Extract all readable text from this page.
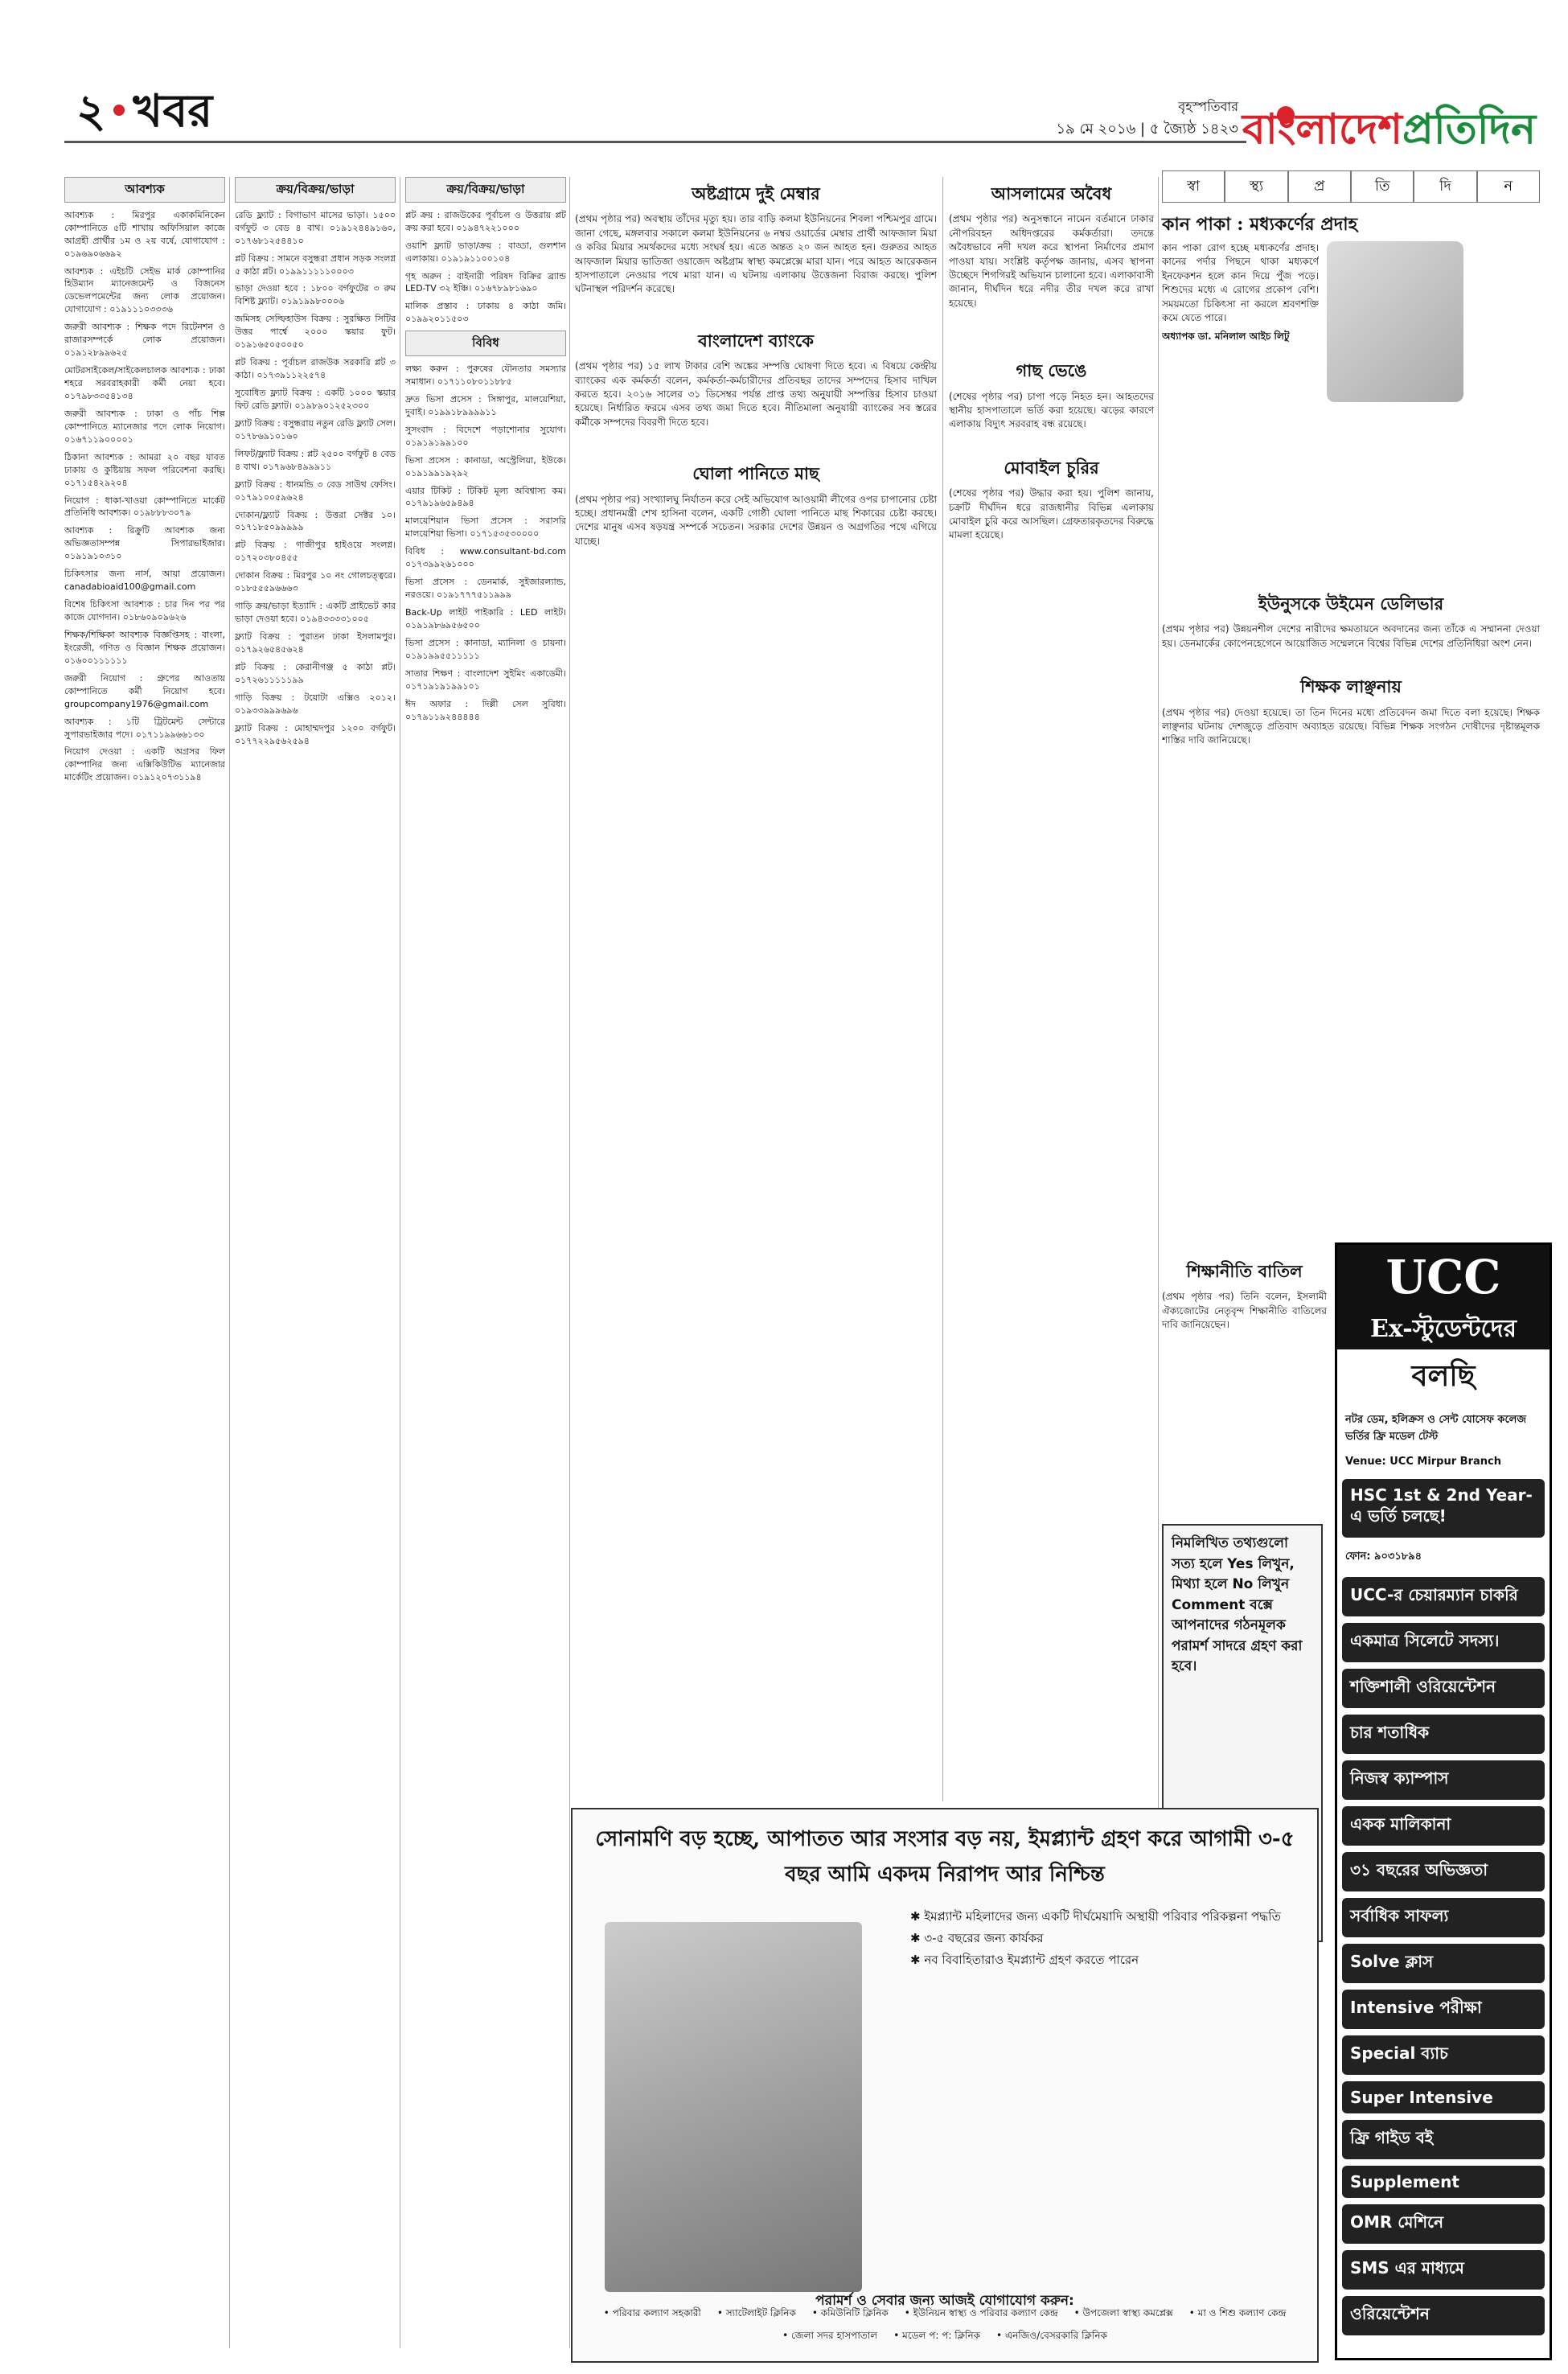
২ খবর	বৃহস্পতিবার
১৯ মে ২০১৬ | ৫ জ্যৈষ্ঠ ১৪২৩ বাংলাদেশপ্রতিদিন
আবশ্যক

আবশ্যক : মিরপুর একাকমিনিকেন কোম্পানিতে ৫টি শাখায় অফিসিয়াল কাজে আগ্রহী প্রার্থীর ১ম ও ২য় বর্ষে, যোগাযোগ : ০১৯৬৯০৬৬৯২

আবশ্যক : এইচটি সেইভ মার্ক কোম্পানির হিউম্যান ম্যানেজমেন্ট ও বিজনেস ডেভেলপমেন্টের জন্য লোক প্রয়োজন। যোগাযোগ : ০১৯১১১০৩৩৩৬

জরুরী আবশ্যক : শিক্ষক পদে রিটেনশন ও রাজারসম্পর্কে লোক প্রয়োজন। ০১৯১২৮৯৯৬২৫

মোটরসাইকেল/সাইকেলচালক আবশ্যক : ঢাকা শহরে সরবরাহকারী কর্মী নেয়া হবে। ০১৭৯৮৩৩৫৪১৩৪

জরুরী আবশ্যক : ঢাকা ও পাঁচ শিল্প কোম্পানিতে ম্যানেজার পদে লোক নিয়োগ। ০১৬৭১১৯০০০০১

ঠিকানা আবশ্যক : আমরা ২০ বছর যাবত ঢাকায় ও কুষ্টিয়ায় সফল পরিবেশনা করছি। ০১৭১৫৪২৯২০৪

নিয়োগ : ধাকা-খাওয়া কোম্পানিতে মার্কেট প্রতিনিধি আবশ্যক। ০১৯৮৮৮৩০৭৯

আবশ্যক : রিক্রুটি আবশ্যক জন্য অভিজ্ঞতাসম্পন্ন সিপারভাইজার। ০১৯১৯১০৩১০

চিকিৎসার জন্য নার্স, আয়া প্রয়োজন। canadabioaid100@gmail.com

বিশেষ চিকিৎসা আবশ্যক : চার দিন পর পর কাজে যোগদান। ০১৮৬০৯০৯৬২৬

শিক্ষক/শিক্ষিকা আবশ্যক বিজ্ঞপ্তিসহ : বাংলা, ইংরেজী, গণিত ও বিজ্ঞান শিক্ষক প্রয়োজন। ০১৬০০১১১১১১

জরুরী নিয়োগ : গ্রুপের আওতায় কোম্পানিতে কর্মী নিয়োগ হবে। groupcompany1976@gmail.com

আবশ্যক : ১টি ট্রিটমেন্ট সেন্টারে সুপারভাইজার পদে। ০১৭১১৯৯৬৬১৩০

নিয়োগ দেওয়া : একটি অগ্রসর ফিল কোম্পানির জন্য এক্সিকিউটিভ ম্যানেজার মার্কেটিং প্রয়োজন। ০১৯১২০৭৩১১৯৪

ক্রয়/বিক্রয়/ভাড়া

রেডি ফ্ল্যাট : বিগাভাণ মাসের ভাড়া। ১৫০০ বর্গফুট ৩ বেড ৪ বাথ। ০১৯১২৪৪৯১৬০, ০১৭৬৮১২৫৪৪১০

প্লট বিক্রয় : সামনে বসুন্ধরা প্রধান সড়ক সংলগ্ন ৫ কাঠা প্লট। ০১৯৯১১১১১০০০৩

ভাড়া দেওয়া হবে : ১৮০০ বর্গফুটের ৩ রুম বিশিষ্ট ফ্ল্যাট। ০১৯১৯৯৮০০০৬

জমিসহ সেল্ফিহাউস বিক্রয় : সুরক্ষিত সিটির উত্তর পার্শ্বে ২০০০ স্কয়ার ফুট। ০১৯১৬৫০৫০০৫০

প্লট বিক্রয় : পূর্বাচল রাজউক সরকারি প্লট ৩ কাঠা। ০১৭৩৯১১২২৫৭৪

সুবোধিত ফ্ল্যাট বিক্রয় : একটি ১০০০ স্কয়ার ফিট রেডি ফ্ল্যাট। ০১৯৮৯০১২৫২৩০০

ফ্ল্যাট বিক্রয় : বসুন্ধরায় নতুন রেডি ফ্ল্যাট সেল। ০১৭৮৬৯১০১৬০

লিফট/ফ্ল্যাট বিক্রয় : প্লট ২৫০০ বর্গফুট ৪ বেড ৪ বাথ। ০১৭৯৬৮৪৯৯৯১১

ফ্ল্যাট বিক্রয় : ধানমন্ডি ৩ বেড সাউথ ফেসিং। ০১৭৯১০০৫৯৬২৪

দোকান/ফ্ল্যাট বিক্রয় : উত্তরা সেক্টর ১০। ০১৭১৮৫০৯৯৯৯৯

প্লট বিক্রয় : গাজীপুর হাইওয়ে সংলগ্ন। ০১৭২০৩৮০৪৫৫

দোকান বিক্রয় : মিরপুর ১০ নং গোলচত্ত্বরে। ০১৮৫৫৫৯৬৬৬৩

গাড়ি ক্রয়/ভাড়া ইত্যাদি : একটি প্রাইভেট কার ভাড়া দেওয়া হবে। ০১৯৪৩৩৩৩১০০৫

ফ্ল্যাট বিক্রয় : পুরাতন ঢাকা ইসলামপুর। ০১৭৯২৬৫৪৫৬২৪

প্লট বিক্রয় : কেরানীগঞ্জ ৫ কাঠা প্লট। ০১৭২৬১১১১১৯৯

গাড়ি বিক্রয় : টয়োটা এক্সিও ২০১২। ০১৯৩৩৯৯৯৬৯৬

ফ্ল্যাট বিক্রয় : মোহাম্মদপুর ১২০০ বর্গফুট। ০১৭৭২২৯৫৬২৫৯৪

ক্রয়/বিক্রয়/ভাড়া

প্লট ক্রয় : রাজউকের পূর্বাচল ও উত্তরায় প্লট ক্রয় করা হবে। ০১৯৪৭২২১০০০

ওয়াশি ফ্ল্যাট ভাড়া/ক্রয় : বাড্ডা, গুলশান এলাকায়। ০১৯১৯১১০০১০৪

গৃহ অরুন : বাইনারী পরিষদ বিক্রির ব্র্যান্ড LED-TV ৩২ ইঞ্চি। ০১৬৭৮৯৮১৬৯০

মালিক প্রস্তাব : ঢাকায় ৪ কাঠা জমি। ০১৯৯২০১১৫০৩

বিবিধ

লক্ষ্য করুন : পুরুষের যৌনতার সমস্যার সমাধান। ০১৭১১০৮০১১৮৮৫

দ্রুত ভিসা প্রসেস : সিঙ্গাপুর, মালয়েশিয়া, দুবাই। ০১৯৯১৮৯৯৯৯১১

সুসংবাদ : বিদেশে পড়াশোনার সুযোগ। ০১৯১৯১৯৯১০০

ভিসা প্রসেস : কানাডা, অস্ট্রেলিয়া, ইউকে। ০১৯১৯৯১৯২৯২

এয়ার টিকিট : টিকিট মূল্য অবিশ্বাস্য কম। ০১৭৯১৯৬৫৯৪৯৪

মালয়েশিয়ান ভিসা প্রসেস : সরাসরি মালয়েশিয়া ভিসা। ০১৭১৫৩৫৩০০০০

বিবিধ : www.consultant-bd.com ০১৭৩৯৯২৬১০০০

ভিসা প্রসেস : ডেনমার্ক, সুইজারল্যান্ড, নরওয়ে। ০১৯১৭৭৭৫১১৯৯৯

Back-Up লাইট পাইকারি : LED লাইট। ০১৯১৯৮৬৯৫৬৫০০

ভিসা প্রসেস : কানাডা, ম্যানিলা ও চায়না। ০১৯১৯৯৫৫১১১১১

সাতার শিক্ষণ : বাংলাদেশ সুইমিং একাডেমী। ০১৭১৯১৯১৯৯১০১

ঈদ অফার : দিল্লী সেল সুবিধা। ০১৭৯১১৯২৪৪৪৪৪

অষ্টগ্রামে দুই মেম্বার

(প্রথম পৃষ্ঠার পর) অবস্থায় তাঁদের মৃত্যু হয়। তার বাড়ি কলমা ইউনিয়নের শিবলা পশ্চিমপুর গ্রামে। জানা গেছে, মঙ্গলবার সকালে কলমা ইউনিয়নের ৬ নম্বর ওয়ার্ডের মেম্বার প্রার্থী আফজাল মিয়া ও কবির মিয়ার সমর্থকদের মধ্যে সংঘর্ষ হয়। এতে অন্তত ২০ জন আহত হন। গুরুতর আহত আফজাল মিয়ার ভাতিজা ওয়াজেদ অষ্টগ্রাম স্বাস্থ্য কমপ্লেক্সে মারা যান। পরে আহত আরেকজন হাসপাতালে নেওয়ার পথে মারা যান। এ ঘটনায় এলাকায় উত্তেজনা বিরাজ করছে। পুলিশ ঘটনাস্থল পরিদর্শন করেছে।

বাংলাদেশ ব্যাংকে

(প্রথম পৃষ্ঠার পর) ১৫ লাখ টাকার বেশি অঙ্কের সম্পত্তি ঘোষণা দিতে হবে। এ বিষয়ে কেন্দ্রীয় ব্যাংকের এক কর্মকর্তা বলেন, কর্মকর্তা-কর্মচারীদের প্রতিবছর তাদের সম্পদের হিসাব দাখিল করতে হবে। ২০১৬ সালের ৩১ ডিসেম্বর পর্যন্ত প্রাপ্ত তথ্য অনুযায়ী সম্পত্তির হিসাব চাওয়া হয়েছে। নির্ধারিত ফরমে এসব তথ্য জমা দিতে হবে। নীতিমালা অনুযায়ী ব্যাংকের সব স্তরের কর্মীকে সম্পদের বিবরণী দিতে হবে।

ঘোলা পানিতে মাছ

(প্রথম পৃষ্ঠার পর) সংখ্যালঘু নির্যাতন করে সেই অভিযোগ আওয়ামী লীগের ওপর চাপানোর চেষ্টা হচ্ছে। প্রধানমন্ত্রী শেখ হাসিনা বলেন, একটি গোষ্ঠী ঘোলা পানিতে মাছ শিকারের চেষ্টা করছে। দেশের মানুষ এসব ষড়যন্ত্র সম্পর্কে সচেতন। সরকার দেশের উন্নয়ন ও অগ্রগতির পথে এগিয়ে যাচ্ছে।

আসলামের অবৈধ

(প্রথম পৃষ্ঠার পর) অনুসন্ধানে নামেন বর্তমানে ঢাকার নৌপরিবহন অধিদপ্তরের কর্মকর্তারা। তদন্তে অবৈধভাবে নদী দখল করে স্থাপনা নির্মাণের প্রমাণ পাওয়া যায়। সংশ্লিষ্ট কর্তৃপক্ষ জানায়, এসব স্থাপনা উচ্ছেদে শিগগিরই অভিযান চালানো হবে। এলাকাবাসী জানান, দীর্ঘদিন ধরে নদীর তীর দখল করে রাখা হয়েছে।

গাছ ভেঙে

(শেষের পৃষ্ঠার পর) চাপা পড়ে নিহত হন। আহতদের স্থানীয় হাসপাতালে ভর্তি করা হয়েছে। ঝড়ের কারণে এলাকায় বিদ্যুৎ সরবরাহ বন্ধ রয়েছে।

মোবাইল চুরির

(শেষের পৃষ্ঠার পর) উদ্ধার করা হয়। পুলিশ জানায়, চক্রটি দীর্ঘদিন ধরে রাজধানীর বিভিন্ন এলাকায় মোবাইল চুরি করে আসছিল। গ্রেফতারকৃতদের বিরুদ্ধে মামলা হয়েছে।

স্বা	স্থ্য	প্র	তি	দি	ন
কান পাকা : মধ্যকর্ণের প্রদাহ

কান পাকা রোগ হচ্ছে মধ্যকর্ণের প্রদাহ। কানের পর্দার পিছনে থাকা মধ্যকর্ণে ইনফেকশন হলে কান দিয়ে পুঁজ পড়ে। শিশুদের মধ্যে এ রোগের প্রকোপ বেশি। সময়মতো চিকিৎসা না করলে শ্রবণশক্তি কমে যেতে পারে।

অধ্যাপক ডা. মনিলাল আইচ লিটু

ইউনুসকে উইমেন ডেলিভার

(প্রথম পৃষ্ঠার পর) উন্নয়নশীল দেশের নারীদের ক্ষমতায়নে অবদানের জন্য তাঁকে এ সম্মাননা দেওয়া হয়। ডেনমার্কের কোপেনহেগেনে আয়োজিত সম্মেলনে বিশ্বের বিভিন্ন দেশের প্রতিনিধিরা অংশ নেন।

শিক্ষক লাঞ্ছনায়

(প্রথম পৃষ্ঠার পর) দেওয়া হয়েছে। তা তিন দিনের মধ্যে প্রতিবেদন জমা দিতে বলা হয়েছে। শিক্ষক লাঞ্ছনার ঘটনায় দেশজুড়ে প্রতিবাদ অব্যাহত রয়েছে। বিভিন্ন শিক্ষক সংগঠন দোষীদের দৃষ্টান্তমূলক শাস্তির দাবি জানিয়েছে।

শিক্ষানীতি বাতিল

(প্রথম পৃষ্ঠার পর) তিনি বলেন, ইসলামী ঐক্যজোটের নেতৃবৃন্দ শিক্ষানীতি বাতিলের দাবি জানিয়েছেন।

নিমলিখিত তথ্যগুলো সত্য হলে Yes লিখুন, মিথ্যা হলে No লিখুন Comment বক্সে আপনাদের গঠনমূলক পরামর্শ সাদরে গ্রহণ করা হবে।
UCC
Ex-স্টুডেন্টদের
বলছি
নটর ডেম, হলিক্রস ও সেন্ট যোসেফ কলেজ ভর্তির ফ্রি মডেল টেস্ট
Venue: UCC Mirpur Branch
HSC 1st & 2nd Year-এ ভর্তি চলছে!
ফোন: ৯০৩১৮৯৪
UCC-র চেয়ারম্যান চাকরি
একমাত্র সিলেটে সদস্য।
শক্তিশালী ওরিয়েন্টেশন
চার শতাধিক
নিজস্ব ক্যাম্পাস
একক মালিকানা
৩১ বছরের অভিজ্ঞতা
সর্বাধিক সাফল্য
Solve ক্লাস
Intensive পরীক্ষা
Special ব্যাচ
Super Intensive
ফ্রি গাইড বই
Supplement
OMR মেশিনে
SMS এর মাধ্যমে
ওরিয়েন্টেশন
সোনামণি বড় হচ্ছে, আপাতত আর সংসার বড় নয়, ইমপ্ল্যান্ট গ্রহণ করে আগামী ৩-৫ বছর আমি একদম নিরাপদ আর নিশ্চিন্ত
✱ ইমপ্ল্যান্ট মহিলাদের জন্য একটি দীর্ঘমেয়াদি অস্থায়ী পরিবার পরিকল্পনা পদ্ধতি
✱ ৩-৫ বছরের জন্য কার্যকর
✱ নব বিবাহিতারাও ইমপ্ল্যান্ট গ্রহণ করতে পারেন
পরামর্শ ও সেবার জন্য আজই যোগাযোগ করুন:
• পরিবার কল্যাণ সহকারী • স্যাটেলাইট ক্লিনিক • কমিউনিটি ক্লিনিক • ইউনিয়ন স্বাস্থ্য ও পরিবার কল্যাণ কেন্দ্র • উপজেলা স্বাস্থ্য কমপ্লেক্স • মা ও শিশু কল্যাণ কেন্দ্র
• জেলা সদর হাসপাতাল • মডেল প: প: ক্লিনিক • এনজিও/বেসরকারি ক্লিনিক
